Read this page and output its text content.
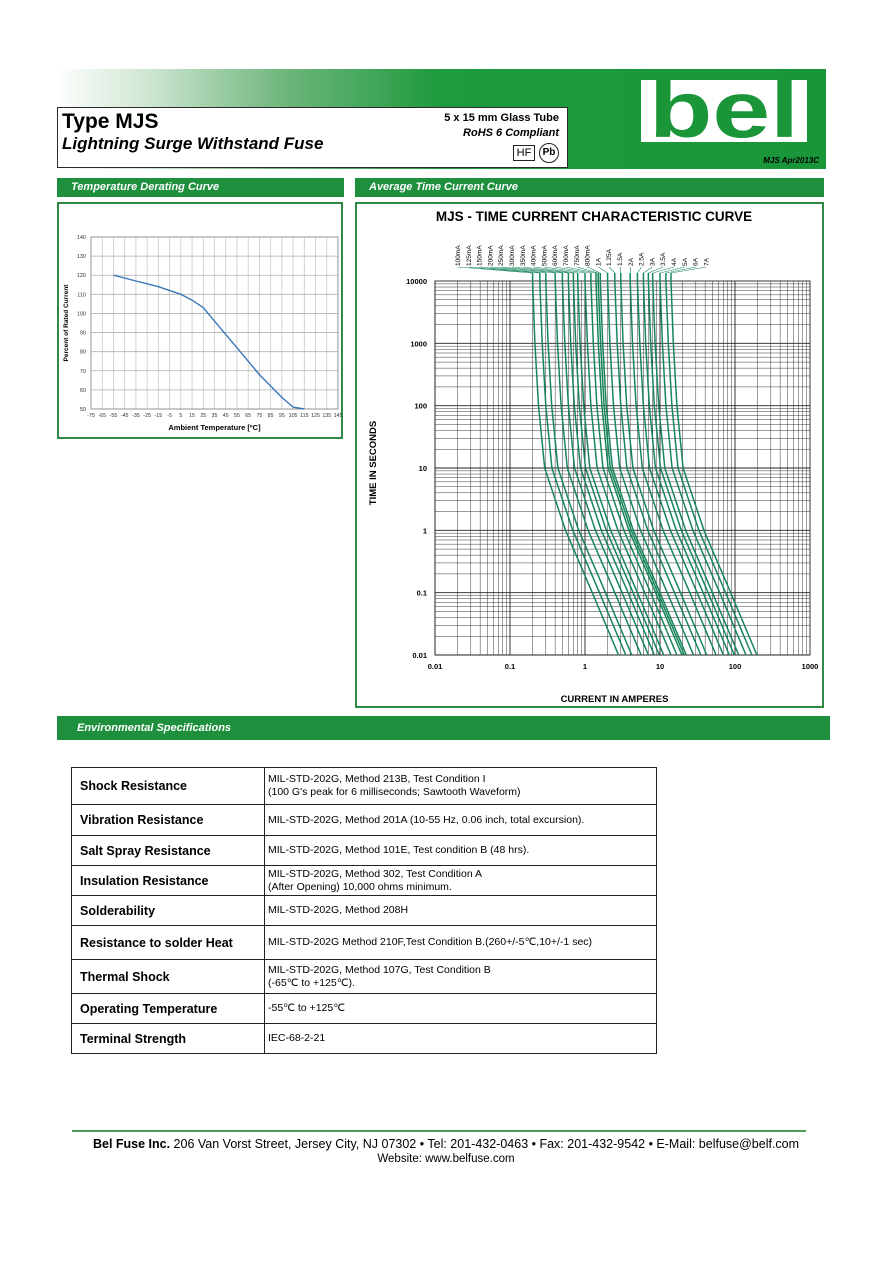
Type MJS
Lightning Surge Withstand Fuse
5 x 15 mm Glass Tube
RoHS 6 Compliant
HF	Pb bel
MJS Apr2013C
Temperature Derating Curve	Average Time Current Curve
-75 -65 -55 -45 -35 -25 -15 -5 5 15 25 35 45 55 65 75 85 95 105 115 125 135 145
50
60
70
80
90
100
110
120
130
140
Ambient Temperature [ºC]
Percent of Rated Current
MJS - TIME CURRENT CHARACTERISTIC CURVE
0.01	0.1	1	10	100	1000
0.01
0.1
1
10
100
1000
10000
CURRENT IN AMPERES
TIME IN SECONDS
100mA 125mA 150mA 200mA 250mA 300mA 350mA 400mA 500mA 600mA 700mA 750mA 800mA 1A 1.25A 1.5A 2A 2.5A 3A 3.5A 4A 5A 6A 7A
Environmental Specifications
Shock Resistance	MIL-STD-202G, Method 213B, Test Condition I
(100 G's peak for 6 milliseconds; Sawtooth Waveform)

Vibration Resistance	MIL-STD-202G, Method 201A (10-55 Hz, 0.06 inch, total excursion).

Salt Spray Resistance	MIL-STD-202G, Method 101E, Test condition B (48 hrs).

Insulation Resistance	MIL-STD-202G, Method 302, Test Condition A
(After Opening) 10,000 ohms minimum.

Solderability	MIL-STD-202G, Method 208H

Resistance to solder Heat	MIL-STD-202G Method 210F,Test Condition B.(260+/-5℃,10+/-1 sec)

Thermal Shock	MIL-STD-202G, Method 107G, Test Condition B
(-65℃ to +125℃).

Operating Temperature	-55℃ to +125℃

Terminal Strength	IEC-68-2-21
Bel Fuse Inc. 206 Van Vorst Street, Jersey City, NJ 07302 • Tel: 201-432-0463 • Fax: 201-432-9542 • E-Mail: belfuse@belf.com
Website: www.belfuse.com
